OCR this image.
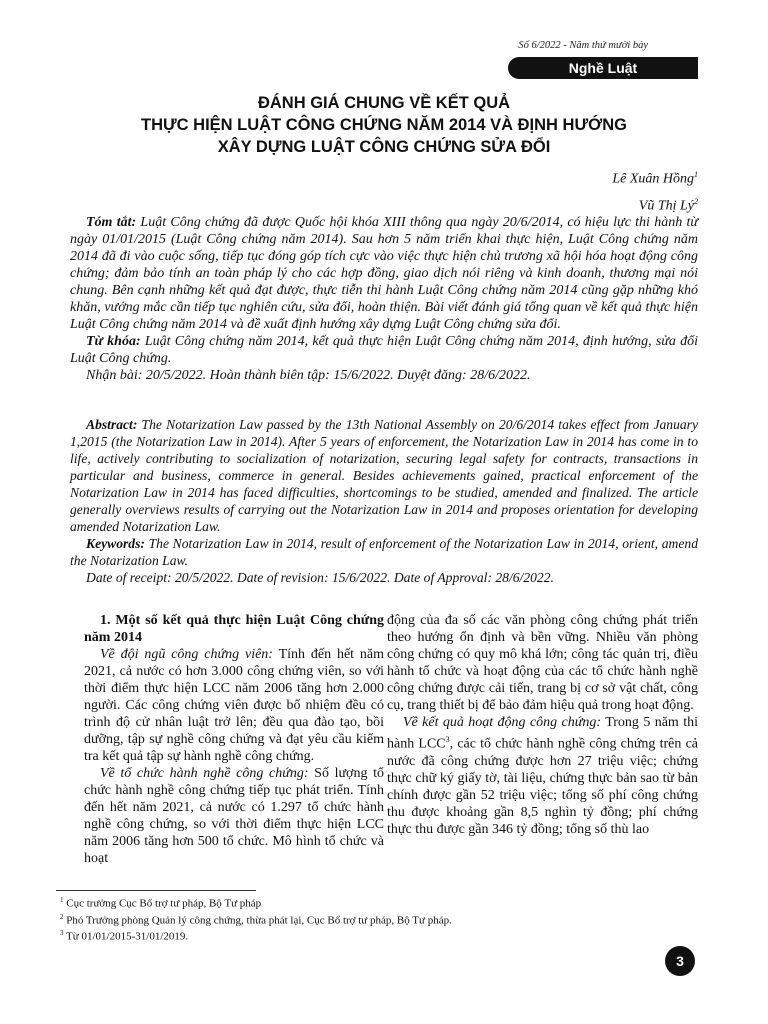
Số 6/2022 - Năm thứ mười bảy
Nghề Luật
ĐÁNH GIÁ CHUNG VỀ KẾT QUẢ
THỰC HIỆN LUẬT CÔNG CHỨNG NĂM 2014 VÀ ĐỊNH HƯỚNG
XÂY DỰNG LUẬT CÔNG CHỨNG SỬA ĐỔI
Lê Xuân Hồng$^1$
Vũ Thị $Lý^2$

Tóm tắt: Luật Công chứng đã được Quốc hội khóa XIII thông qua ngày 20/6/2014, có hiệu lực thi hành từ ngày 01/01/2015 (Luật Công chứng năm 2014). Sau hơn 5 năm triển khai thực hiện, Luật Công chứng năm 2014 đã đi vào cuộc sống, tiếp tục đóng góp tích cực vào việc thực hiện chủ trương xã hội hóa hoạt động công chứng; đảm bảo tính an toàn pháp lý cho các hợp đồng, giao dịch nói riêng và kinh doanh, thương mại nói chung. Bên cạnh những kết quả đạt được, thực tiễn thi hành Luật Công chứng năm 2014 cũng gặp những khó khăn, vướng mắc cần tiếp tục nghiên cứu, sửa đổi, hoàn thiện. Bài viết đánh giá tổng quan về kết quả thực hiện Luật Công chứng năm 2014 và đề xuất định hướng xây dựng Luật Công chứng sửa đổi.

Từ khóa: Luật Công chứng năm 2014, kết quả thực hiện Luật Công chứng năm 2014, định hướng, sửa đổi Luật Công chứng.

Nhận bài: 20/5/2022. Hoàn thành biên tập: 15/6/2022. Duyệt đăng: 28/6/2022.

Abstract: The Notarization Law passed by the 13th National Assembly on 20/6/2014 takes effect from January 1,2015 (the Notarization Law in 2014). After 5 years of enforcement, the Notarization Law in 2014 has come in to life, actively contributing to socialization of notarization, securing legal safety for contracts, transactions in particular and business, commerce in general. Besides achievements gained, practical enforcement of the Notarization Law in 2014 has faced difficulties, shortcomings to be studied, amended and finalized. The article generally overviews results of carrying out the Notarization Law in 2014 and proposes orientation for developing amended Notarization Law.

Keywords: The Notarization Law in 2014, result of enforcement of the Notarization Law in 2014, orient, amend the Notarization Law.

Date of receipt: 20/5/2022. Date of revision: 15/6/2022. Date of Approval: 28/6/2022.

1. Một số kết quả thực hiện Luật Công chứng năm 2014

Về đội ngũ công chứng viên: Tính đến hết năm 2021, cả nước có hơn 3.000 công chứng viên, so với thời điểm thực hiện LCC năm 2006 tăng hơn 2.000 người. Các công chứng viên được bổ nhiệm đều có trình độ cử nhân luật trở lên; đều qua đào tạo, bồi dưỡng, tập sự nghề công chứng và đạt yêu cầu kiểm tra kết quả tập sự hành nghề công chứng.

Về tổ chức hành nghề công chứng: Số lượng tổ chức hành nghề công chứng tiếp tục phát triển. Tính đến hết năm 2021, cả nước có 1.297 tổ chức hành nghề công chứng, so với thời điểm thực hiện LCC năm 2006 tăng hơn 500 tổ chức. Mô hình tổ chức và hoạt

động của đa số các văn phòng công chứng phát triển theo hướng ổn định và bền vững. Nhiều văn phòng công chứng có quy mô khá lớn; công tác quản trị, điều hành tổ chức và hoạt động của các tổ chức hành nghề công chứng được cải tiến, trang bị cơ sở vật chất, công cụ, trang thiết bị để bảo đảm hiệu quả trong hoạt động.

Về kết quả hoạt động công chứng: Trong 5 năm thi hành LCC$^3$, các tổ chức hành nghề công chứng trên cả nước đã công chứng được hơn 27 triệu việc; chứng thực chữ ký giấy tờ, tài liệu, chứng thực bản sao từ bản chính được gần 52 triệu việc; tổng số phí công chứng thu được khoảng gần 8,5 nghìn tỷ đồng; phí chứng thực thu được gần 346 tỷ đồng; tổng số thù lao

$^1$ Cục trưởng Cục Bổ trợ tư pháp, Bộ Tư pháp
$^2$ Phó Trưởng phòng Quản lý công chứng, thừa phát lại, Cục Bổ trợ tư pháp, Bộ Tư pháp.
$^3$ Từ 01/01/2015-31/01/2019.
3
